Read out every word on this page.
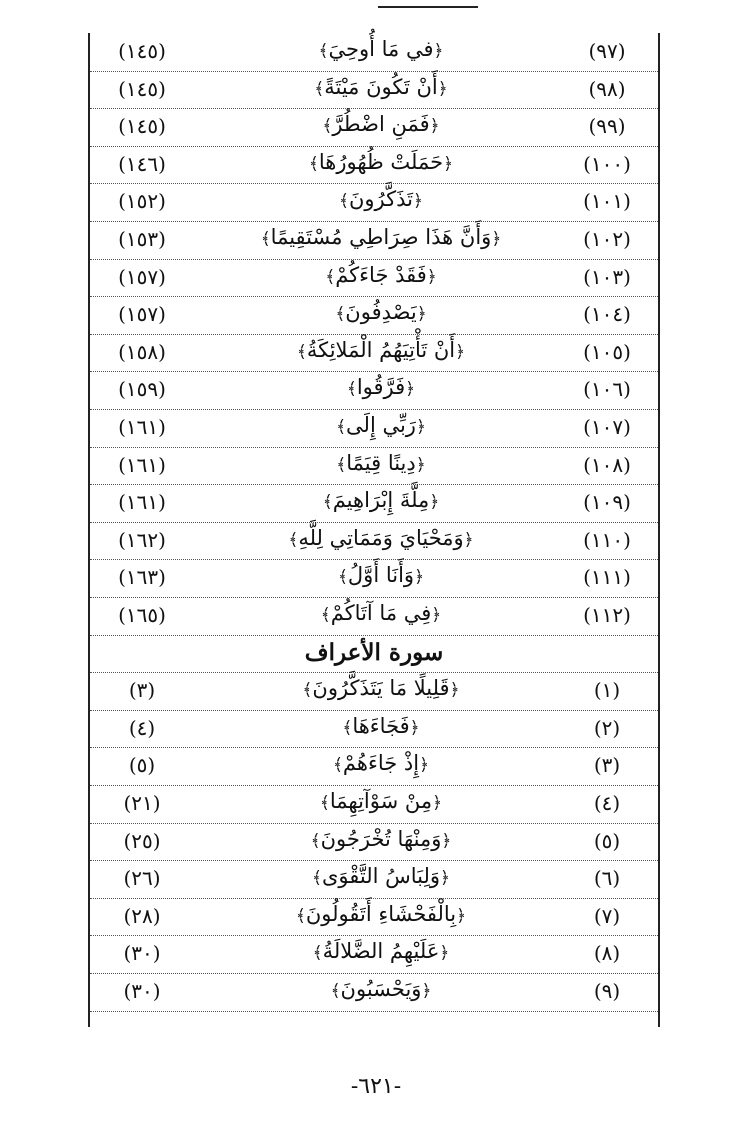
(١٤٥)	﴿في مَا أُوحِيَ﴾	(٩٧)
(١٤٥)	﴿أَنْ تَكُونَ مَيْتَةً﴾	(٩٨)
(١٤٥)	﴿فَمَنِ اضْطُرَّ﴾	(٩٩)
(١٤٦)	﴿حَمَلَتْ ظُهُورُهَا﴾	(١٠٠)
(١٥٢)	﴿تَذَكَّرُونَ﴾	(١٠١)
(١٥٣)	﴿وَأَنَّ هَذَا صِرَاطِي مُسْتَقِيمًا﴾	(١٠٢)
(١٥٧)	﴿فَقَدْ جَاءَكُمْ﴾	(١٠٣)
(١٥٧)	﴿يَصْدِفُونَ﴾	(١٠٤)
(١٥٨)	﴿أَنْ تَأْتِيَهُمُ الْمَلائِكَةُ﴾	(١٠٥)
(١٥٩)	﴿فَرَّقُوا﴾	(١٠٦)
(١٦١)	﴿رَبِّي إِلَى﴾	(١٠٧)
(١٦١)	﴿دِينًا قِيَمًا﴾	(١٠٨)
(١٦١)	﴿مِلَّةَ إِبْرَاهِيمَ﴾	(١٠٩)
(١٦٢)	﴿وَمَحْيَايَ وَمَمَاتِي لِلَّهِ﴾	(١١٠)
(١٦٣)	﴿وَأَنَا أَوَّلُ﴾	(١١١)
(١٦٥)	﴿فِي مَا آتَاكُمْ﴾	(١١٢)
سورة الأعراف
(٣)	﴿قَلِيلًا مَا يَتَذَكَّرُونَ﴾	(١)
(٤)	﴿فَجَاءَهَا﴾	(٢)
(٥)	﴿إِذْ جَاءَهُمْ﴾	(٣)
(٢١)	﴿مِنْ سَوْآتِهِمَا﴾	(٤)
(٢٥)	﴿وَمِنْهَا تُخْرَجُونَ﴾	(٥)
(٢٦)	﴿وَلِبَاسُ التَّقْوَى﴾	(٦)
(٢٨)	﴿بِالْفَحْشَاءِ أَتَقُولُونَ﴾	(٧)
(٣٠)	﴿عَلَيْهِمُ الضَّلالَةُ﴾	(٨)
(٣٠)	﴿وَيَحْسَبُونَ﴾	(٩)
-٦٢١-
